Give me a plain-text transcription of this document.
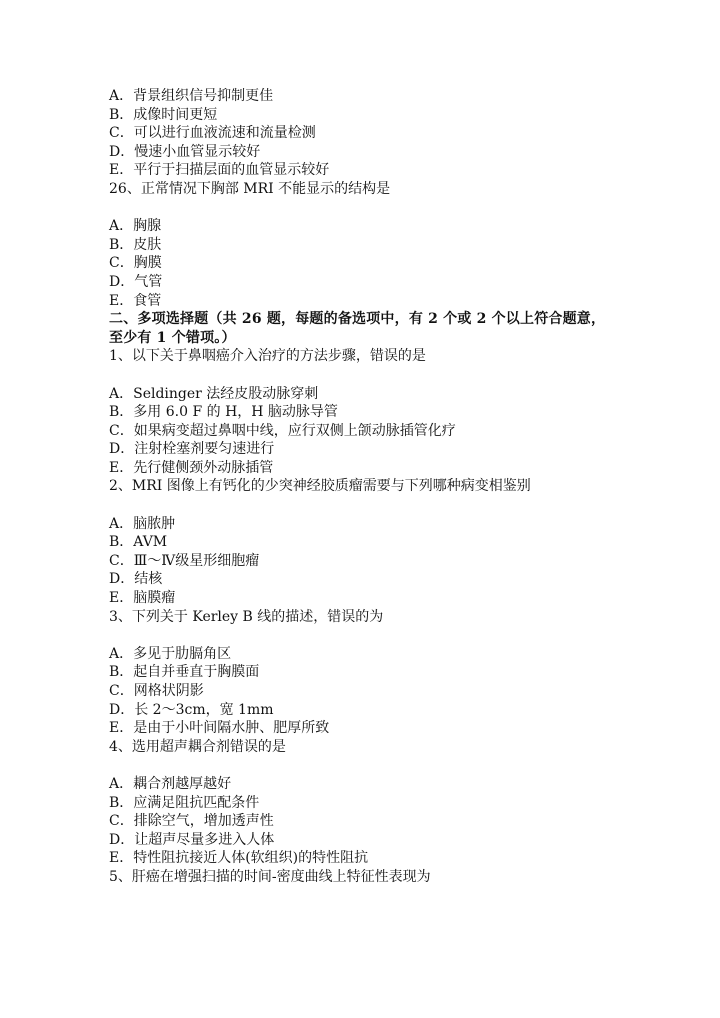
A．背景组织信号抑制更佳
B．成像时间更短
C．可以进行血液流速和流量检测
D．慢速小血管显示较好
E．平行于扫描层面的血管显示较好
26、正常情况下胸部 MRI 不能显示的结构是
A．胸腺
B．皮肤
C．胸膜
D．气管
E．食管
二、多项选择题（共 26 题，每题的备选项中，有 2 个或 2 个以上符合题意，
至少有 1 个错项。）
1、以下关于鼻咽癌介入治疗的方法步骤，错误的是
A．Seldinger 法经皮股动脉穿刺
B．多用 6.0 F 的 H，H 脑动脉导管
C．如果病变超过鼻咽中线，应行双侧上颌动脉插管化疗
D．注射栓塞剂要匀速进行
E．先行健侧颈外动脉插管
2、MRI 图像上有钙化的少突神经胶质瘤需要与下列哪种病变相鉴别
A．脑脓肿
B．AVM
C．Ⅲ～Ⅳ级星形细胞瘤
D．结核
E．脑膜瘤
3、下列关于 Kerley B 线的描述，错误的为
A．多见于肋膈角区
B．起自并垂直于胸膜面
C．网格状阴影
D．长 2～3cm，宽 1mm
E．是由于小叶间隔水肿、肥厚所致
4、选用超声耦合剂错误的是
A．耦合剂越厚越好
B．应满足阻抗匹配条件
C．排除空气，增加透声性
D．让超声尽量多进入人体
E．特性阻抗接近人体(软组织)的特性阻抗
5、肝癌在增强扫描的时间-密度曲线上特征性表现为
